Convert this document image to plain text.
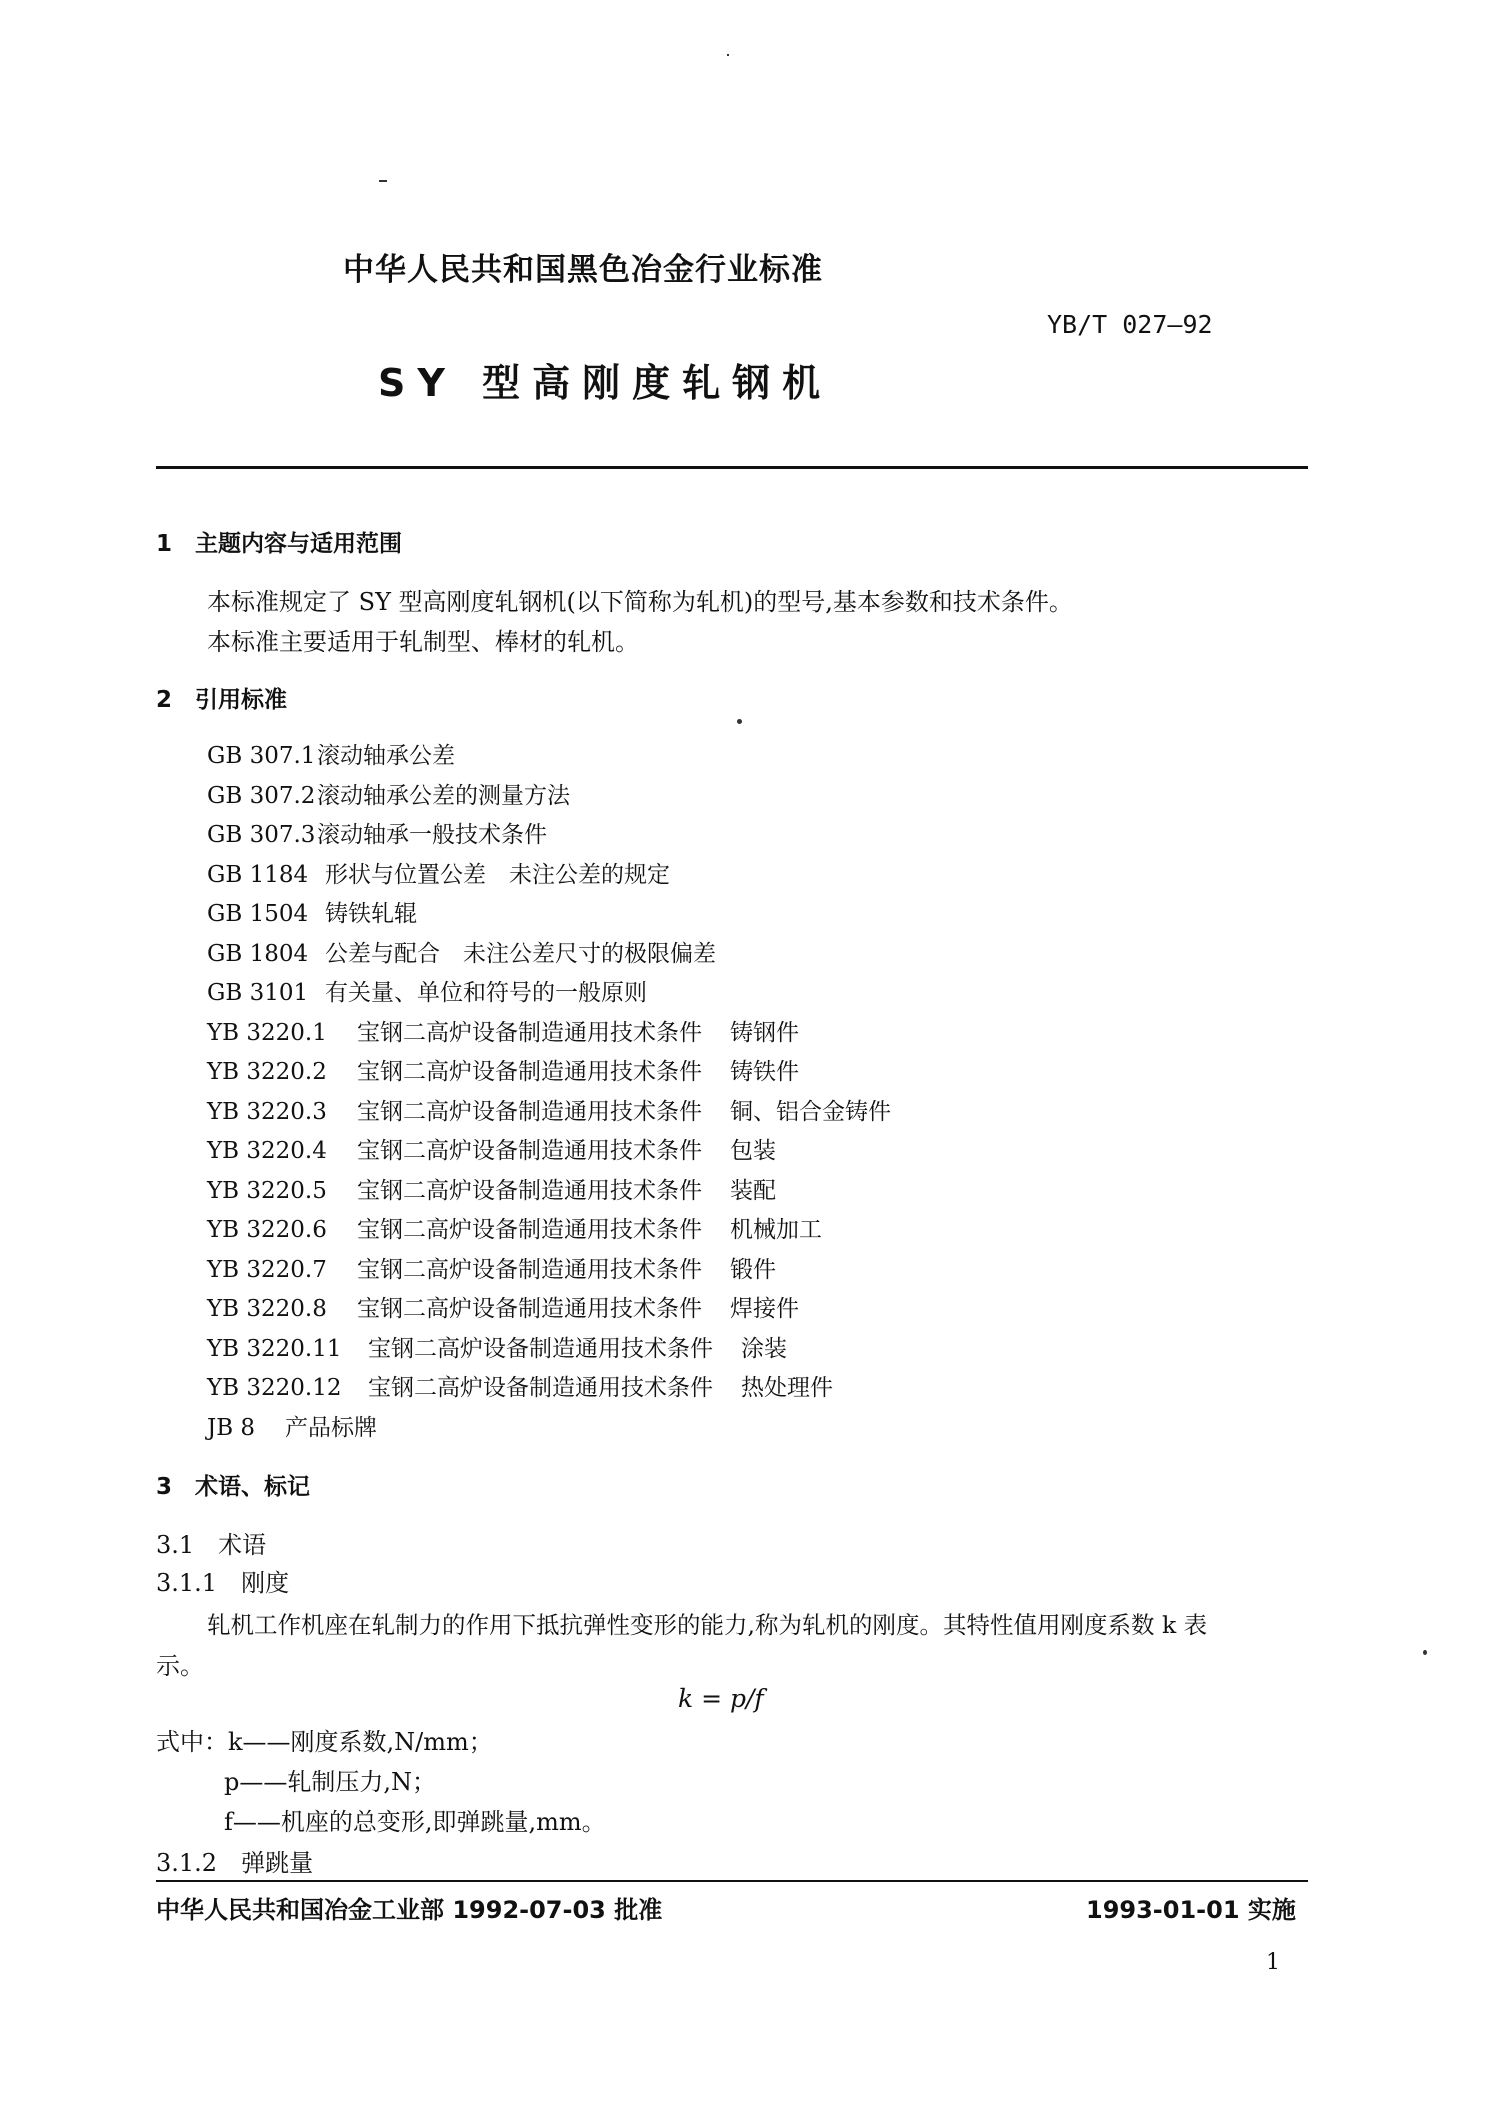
中华人民共和国黑色冶金行业标准
YB/T 027—92
SY 型高刚度轧钢机
1　主题内容与适用范围
本标准规定了 SY 型高刚度轧钢机(以下简称为轧机)的型号,基本参数和技术条件。
本标准主要适用于轧制型、棒材的轧机。
2　引用标准
GB 307.1滚动轴承公差
GB 307.2滚动轴承公差的测量方法
GB 307.3滚动轴承一般技术条件
GB 1184 形状与位置公差　未注公差的规定
GB 1504 铸铁轧辊
GB 1804 公差与配合　未注公差尺寸的极限偏差
GB 3101 有关量、单位和符号的一般原则
YB 3220.1 宝钢二高炉设备制造通用技术条件 铸钢件
YB 3220.2 宝钢二高炉设备制造通用技术条件 铸铁件
YB 3220.3 宝钢二高炉设备制造通用技术条件 铜、铝合金铸件
YB 3220.4 宝钢二高炉设备制造通用技术条件 包装
YB 3220.5 宝钢二高炉设备制造通用技术条件 装配
YB 3220.6 宝钢二高炉设备制造通用技术条件 机械加工
YB 3220.7 宝钢二高炉设备制造通用技术条件 锻件
YB 3220.8 宝钢二高炉设备制造通用技术条件 焊接件
YB 3220.11 宝钢二高炉设备制造通用技术条件 涂装
YB 3220.12 宝钢二高炉设备制造通用技术条件 热处理件
JB 8 产品标牌
3　术语、标记
3.1　术语
3.1.1　刚度
轧机工作机座在轧制力的作用下抵抗弹性变形的能力,称为轧机的刚度。其特性值用刚度系数 k 表
示。
k = p/f
式中：k——刚度系数,N/mm；
p——轧制压力,N；
f——机座的总变形,即弹跳量,mm。
3.1.2　弹跳量
中华人民共和国冶金工业部 1992-07-03 批准	1993-01-01 实施
1
